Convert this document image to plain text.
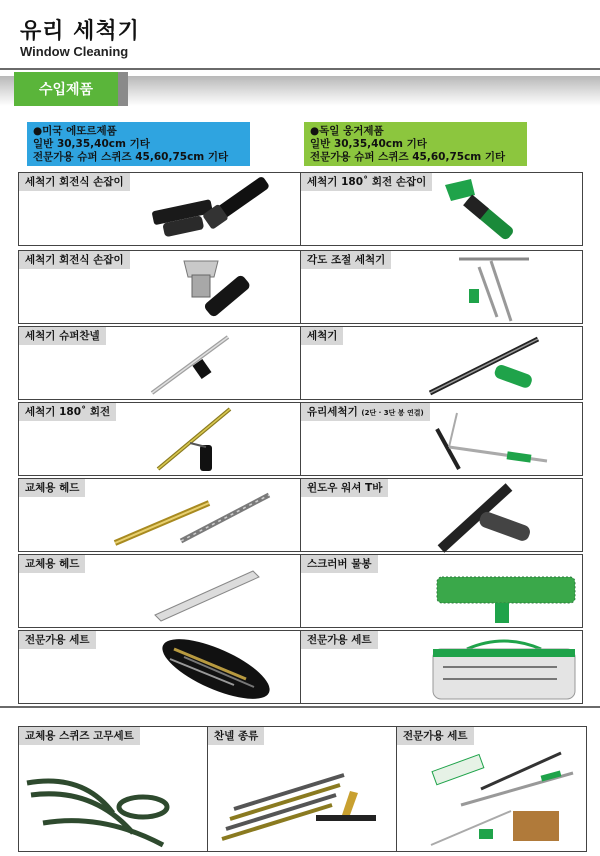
유리 세척기
Window Cleaning
수입제품
●미국 에또르제품
일반 30,35,40cm 기타
전문가용 슈퍼 스퀴즈 45,60,75cm 기타
●독일 웅거제품
일반 30,35,40cm 기타
전문가용 슈퍼 스퀴즈 45,60,75cm 기타
세척기 회전식 손잡이
세척기 회전식 손잡이
세척기 슈퍼찬넬
세척기 180˚ 회전
교체용 헤드
교체용 헤드
전문가용 세트
세척기 180˚ 회전 손잡이
각도 조절 세척기
세척기
유리세척기 (2단 · 3단 봉 연결)
윈도우 워셔 T바
스크러버 물봉
전문가용 세트
교체용 스퀴즈 고무세트	찬넬 종류	전문가용 세트
